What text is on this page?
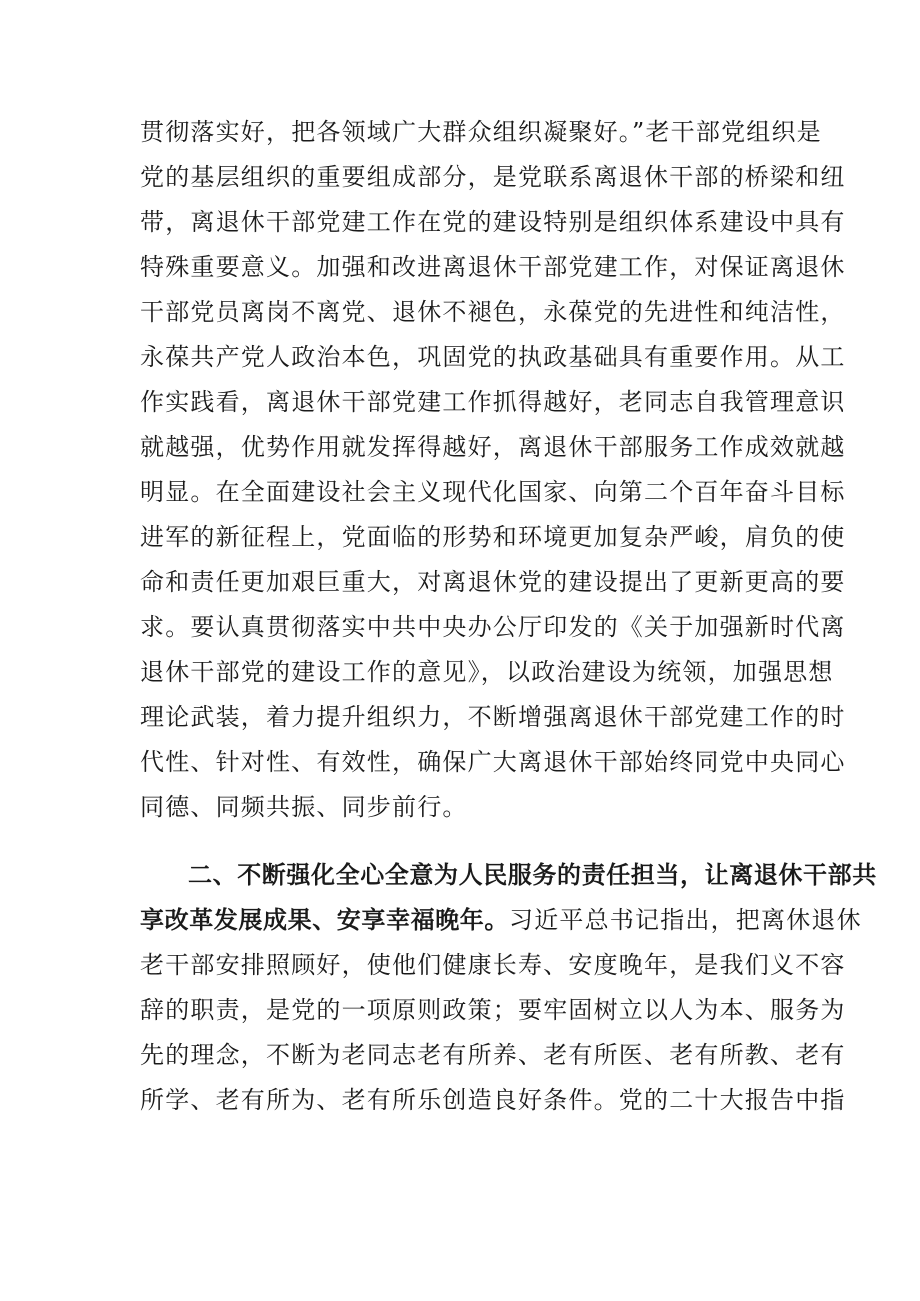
贯彻落实好，把各领域广大群众组织凝聚好。”老干部党组织是
党的基层组织的重要组成部分，是党联系离退休干部的桥梁和纽
带，离退休干部党建工作在党的建设特别是组织体系建设中具有
特殊重要意义。加强和改进离退休干部党建工作，对保证离退休
干部党员离岗不离党、退休不褪色，永葆党的先进性和纯洁性，
永葆共产党人政治本色，巩固党的执政基础具有重要作用。从工
作实践看，离退休干部党建工作抓得越好，老同志自我管理意识
就越强，优势作用就发挥得越好，离退休干部服务工作成效就越
明显。在全面建设社会主义现代化国家、向第二个百年奋斗目标
进军的新征程上，党面临的形势和环境更加复杂严峻，肩负的使
命和责任更加艰巨重大，对离退休党的建设提出了更新更高的要
求。要认真贯彻落实中共中央办公厅印发的《关于加强新时代离
退休干部党的建设工作的意见》，以政治建设为统领，加强思想
理论武装，着力提升组织力，不断增强离退休干部党建工作的时
代性、针对性、有效性，确保广大离退休干部始终同党中央同心
同德、同频共振、同步前行。
二、不断强化全心全意为人民服务的责任担当，让离退休干部共
享改革发展成果、安享幸福晚年。习近平总书记指出，把离休退休
老干部安排照顾好，使他们健康长寿、安度晚年，是我们义不容
辞的职责，是党的一项原则政策；要牢固树立以人为本、服务为
先的理念，不断为老同志老有所养、老有所医、老有所教、老有
所学、老有所为、老有所乐创造良好条件。党的二十大报告中指
